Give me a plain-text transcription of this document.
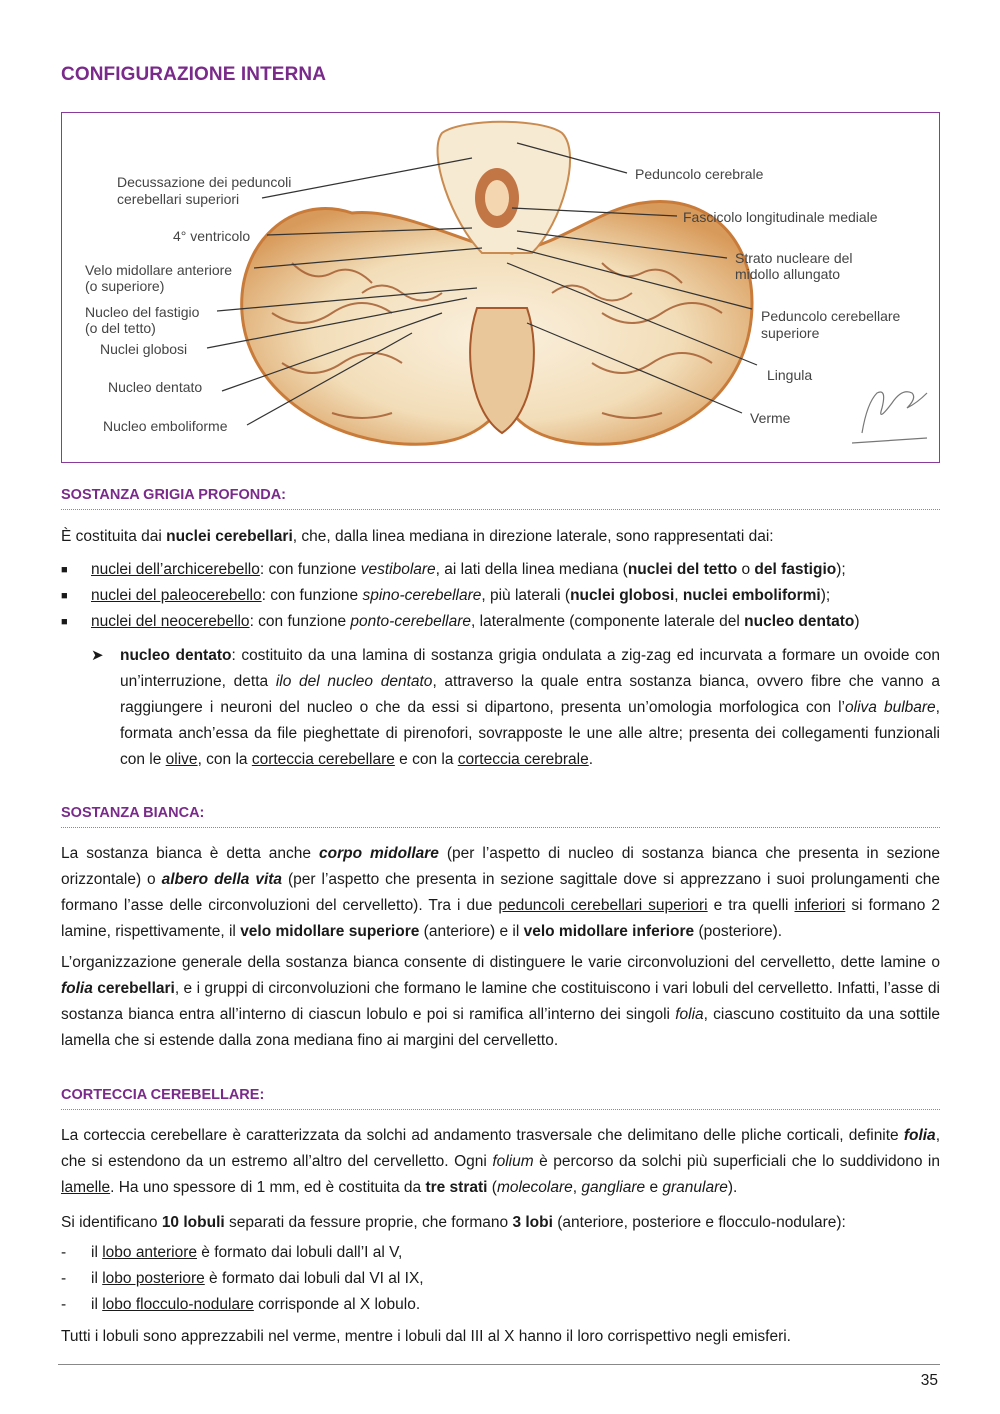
CONFIGURAZIONE INTERNA
Decussazione dei peduncoli
cerebellari superiori
4° ventricolo
Velo midollare anteriore
(o superiore)
Nucleo del fastigio
(o del tetto)
Nuclei globosi
Nucleo dentato
Nucleo emboliforme
Peduncolo cerebrale
Fascicolo longitudinale mediale
Strato nucleare del
midollo allungato
Peduncolo cerebellare
superiore
Lingula
Verme
SOSTANZA GRIGIA PROFONDA:
È costituita dai nuclei cerebellari, che, dalla linea mediana in direzione laterale, sono rappresentati dai:
■ nuclei dell’archicerebello: con funzione vestibolare, ai lati della linea mediana (nuclei del tetto o del fastigio);
■ nuclei del paleocerebello: con funzione spino-cerebellare, più laterali (nuclei globosi, nuclei emboliformi);
■ nuclei del neocerebello: con funzione ponto-cerebellare, lateralmente (componente laterale del nucleo dentato)
➤	nucleo dentato: costituito da una lamina di sostanza grigia ondulata a zig-zag ed incurvata a formare un ovoide con un’interruzione, detta ilo del nucleo dentato, attraverso la quale entra sostanza bianca, ovvero fibre che vanno a raggiungere i neuroni del nucleo o che da essi si dipartono, presenta un’omologia morfologica con l’oliva bulbare, formata anch’essa da file pieghettate di pirenofori, sovrapposte le une alle altre; presenta dei collegamenti funzionali con le olive, con la corteccia cerebellare e con la corteccia cerebrale.
SOSTANZA BIANCA:
La sostanza bianca è detta anche corpo midollare (per l’aspetto di nucleo di sostanza bianca che presenta in sezione orizzontale) o albero della vita (per l’aspetto che presenta in sezione sagittale dove si apprezzano i suoi prolungamenti che formano l’asse delle circonvoluzioni del cervelletto). Tra i due peduncoli cerebellari superiori e tra quelli inferiori si formano 2 lamine, rispettivamente, il velo midollare superiore (anteriore) e il velo midollare inferiore (posteriore).
L’organizzazione generale della sostanza bianca consente di distinguere le varie circonvoluzioni del cervelletto, dette lamine o folia cerebellari, e i gruppi di circonvoluzioni che formano le lamine che costituiscono i vari lobuli del cervelletto. Infatti, l’asse di sostanza bianca entra all’interno di ciascun lobulo e poi si ramifica all’interno dei singoli folia, ciascuno costituito da una sottile lamella che si estende dalla zona mediana fino ai margini del cervelletto.
CORTECCIA CEREBELLARE:
La corteccia cerebellare è caratterizzata da solchi ad andamento trasversale che delimitano delle pliche corticali, definite folia, che si estendono da un estremo all’altro del cervelletto. Ogni folium è percorso da solchi più superficiali che lo suddividono in lamelle. Ha uno spessore di 1 mm, ed è costituita da tre strati (molecolare, gangliare e granulare).
Si identificano 10 lobuli separati da fessure proprie, che formano 3 lobi (anteriore, posteriore e flocculo-nodulare):
- il lobo anteriore è formato dai lobuli dall’I al V,
- il lobo posteriore è formato dai lobuli dal VI al IX,
- il lobo flocculo-nodulare corrisponde al X lobulo.
Tutti i lobuli sono apprezzabili nel verme, mentre i lobuli dal III al X hanno il loro corrispettivo negli emisferi.
35
